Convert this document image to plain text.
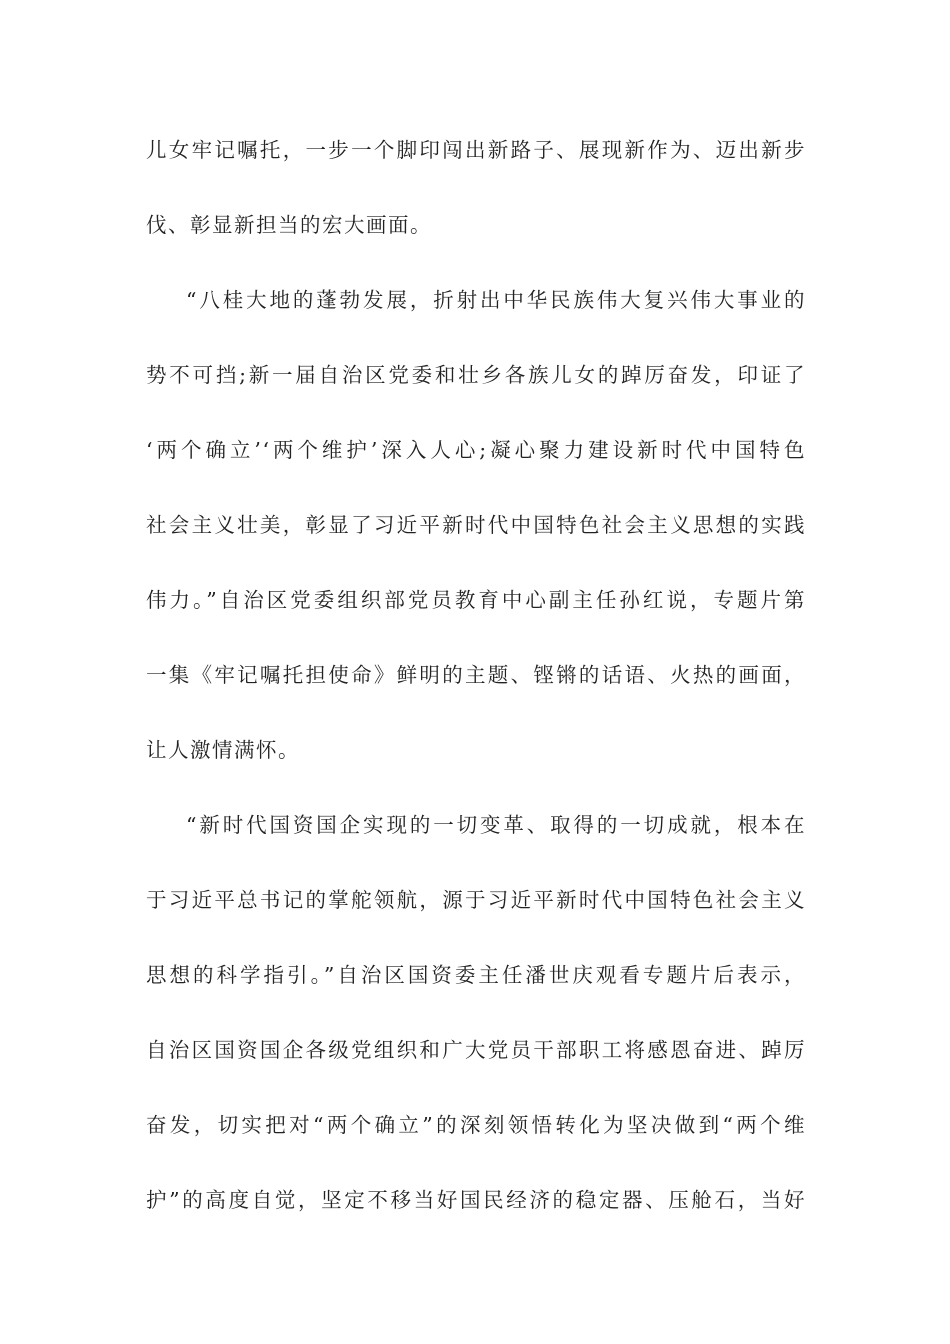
儿女牢记嘱托，一步一个脚印闯出新路子、展现新作为、迈出新步

伐、彰显新担当的宏大画面。

“八桂大地的蓬勃发展，折射出中华民族伟大复兴伟大事业的

势不可挡;新一届自治区党委和壮乡各族儿女的踔厉奋发，印证了

‘两个确立’‘两个维护’深入人心;凝心聚力建设新时代中国特色

社会主义壮美，彰显了习近平新时代中国特色社会主义思想的实践

伟力。”自治区党委组织部党员教育中心副主任孙红说，专题片第

一集《牢记嘱托担使命》鲜明的主题、铿锵的话语、火热的画面，

让人激情满怀。

“新时代国资国企实现的一切变革、取得的一切成就，根本在

于习近平总书记的掌舵领航，源于习近平新时代中国特色社会主义

思想的科学指引。”自治区国资委主任潘世庆观看专题片后表示，

自治区国资国企各级党组织和广大党员干部职工将感恩奋进、踔厉

奋发，切实把对“两个确立”的深刻领悟转化为坚决做到“两个维

护”的高度自觉，坚定不移当好国民经济的稳定器、压舱石，当好
